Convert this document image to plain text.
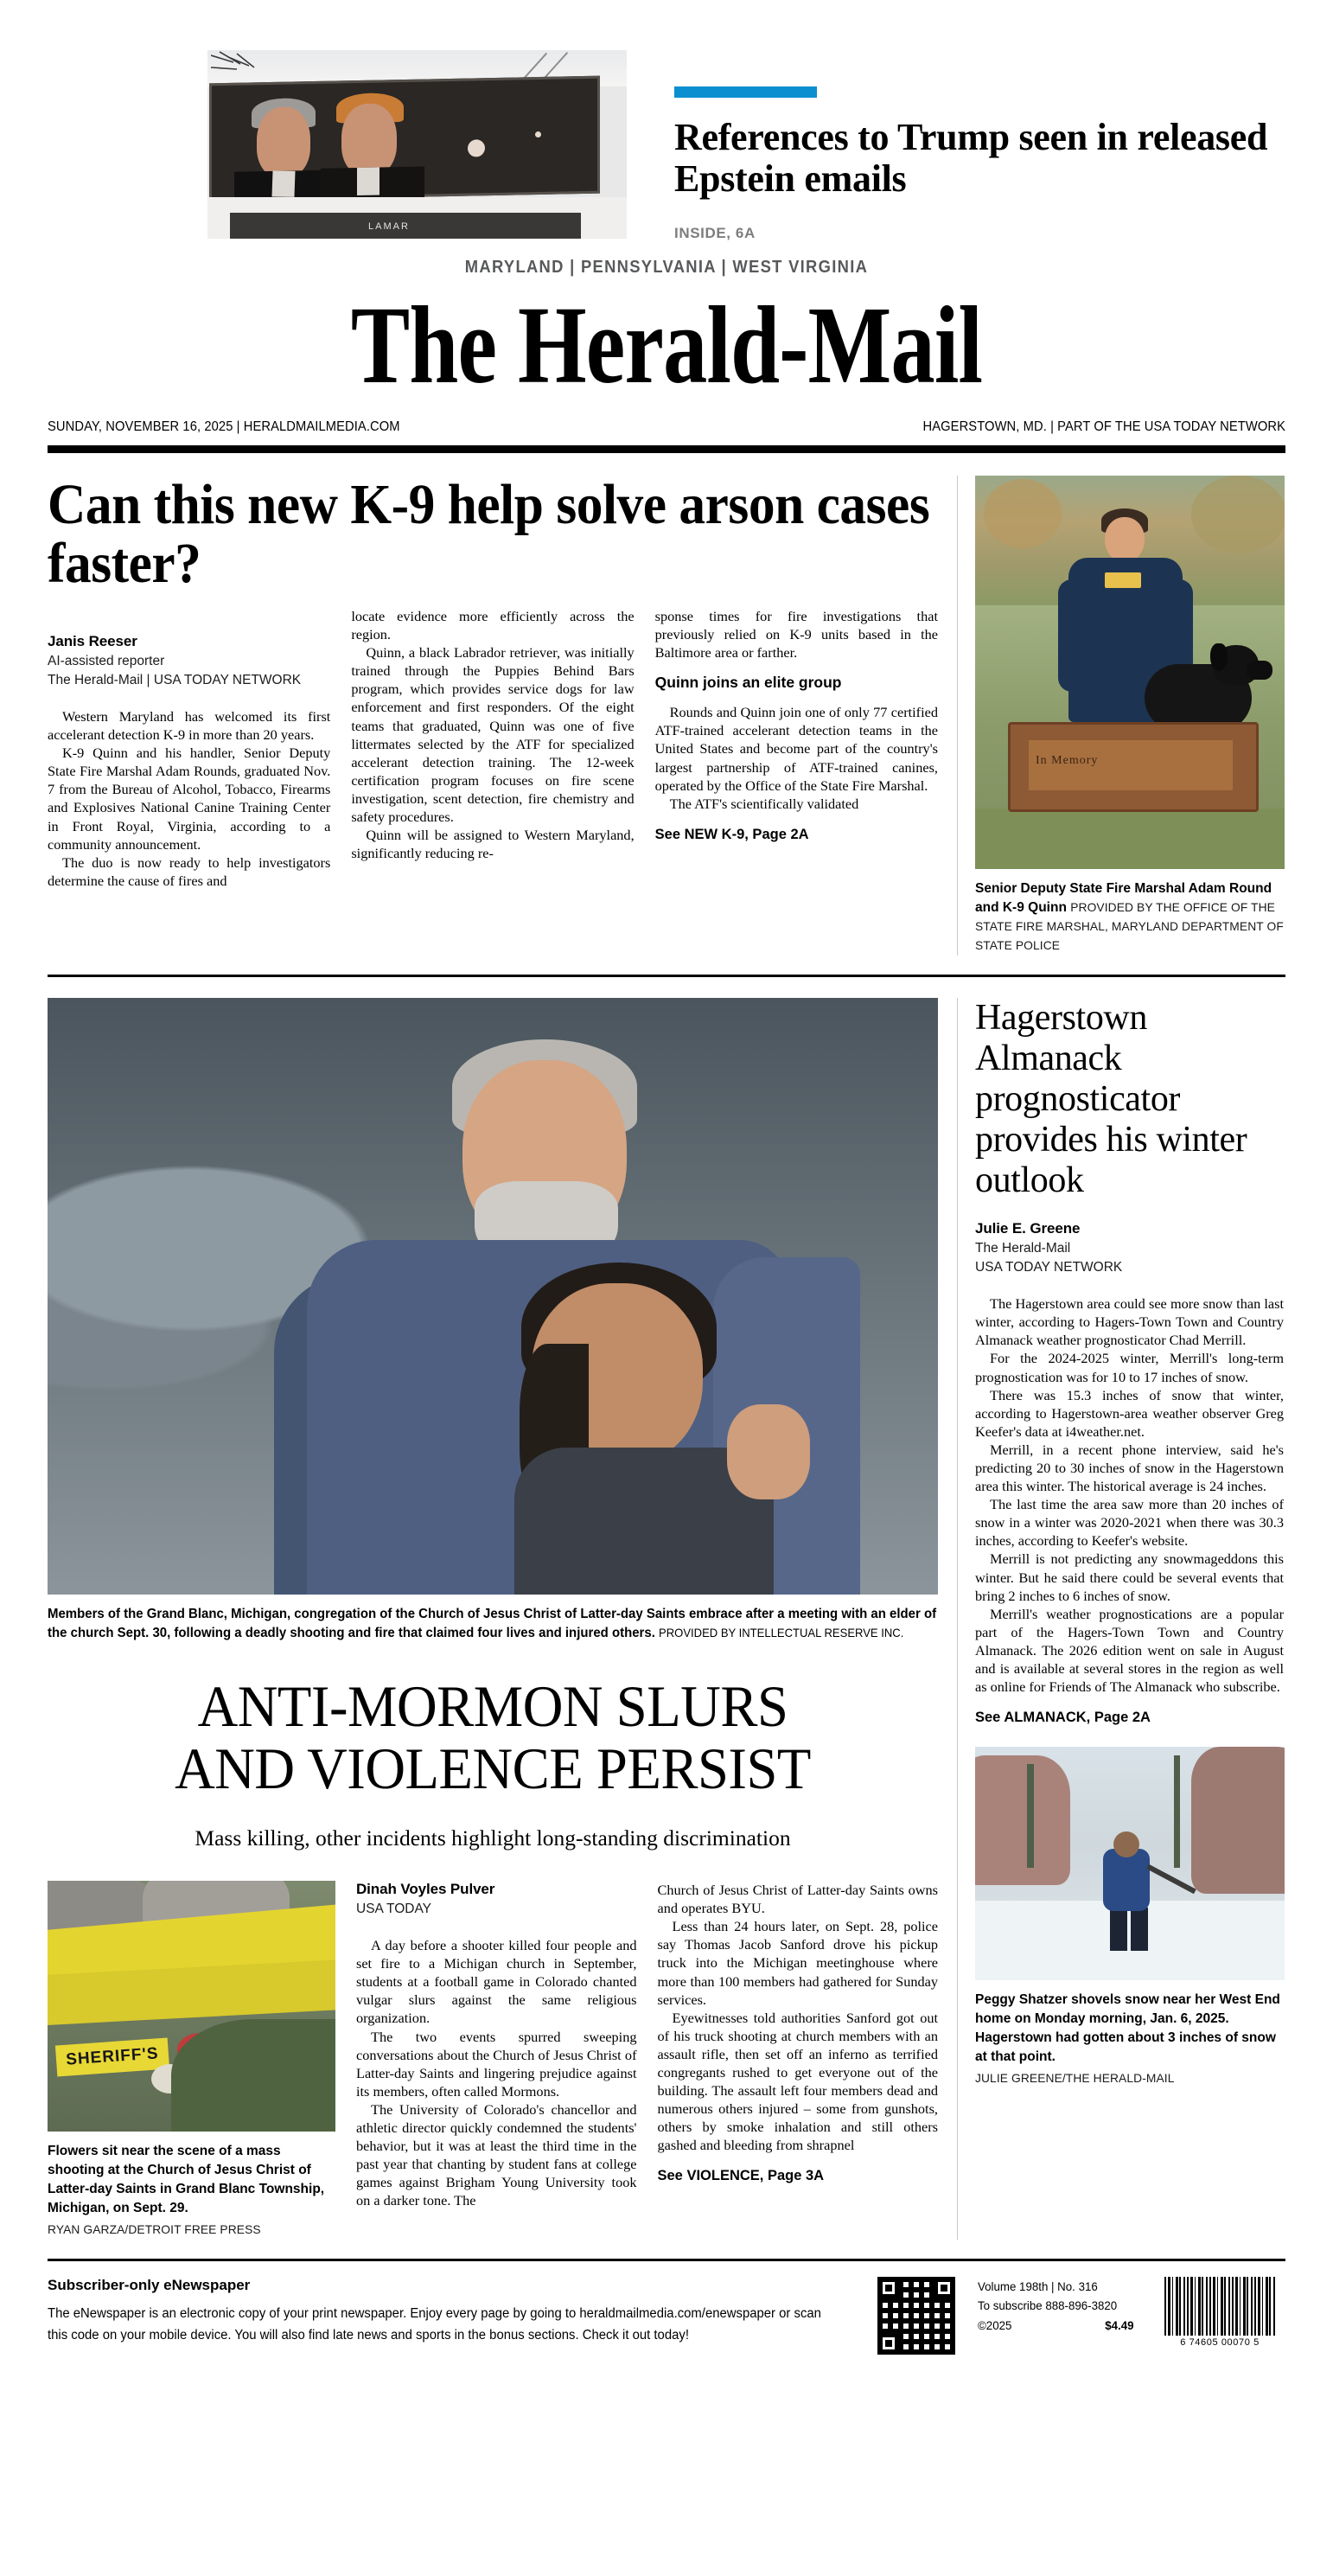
LAMAR
References to Trump seen in released Epstein emails
INSIDE, 6A
MARYLAND | PENNSYLVANIA | WEST VIRGINIA
The Herald-Mail
SUNDAY, NOVEMBER 16, 2025 | HERALDMAILMEDIA.COM	HAGERSTOWN, MD. | PART OF THE USA TODAY NETWORK
Can this new K-9 help solve arson cases faster?
Janis Reeser
AI-assisted reporter
The Herald-Mail | USA TODAY NETWORK

Western Maryland has welcomed its first accelerant detection K-9 in more than 20 years.

K-9 Quinn and his handler, Senior Deputy State Fire Marshal Adam Rounds, graduated Nov. 7 from the Bureau of Alcohol, Tobacco, Firearms and Explosives National Canine Training Center in Front Royal, Virginia, according to a community announcement.

The duo is now ready to help investigators determine the cause of fires and

locate evidence more efficiently across the region.

Quinn, a black Labrador retriever, was initially trained through the Puppies Behind Bars program, which provides service dogs for law enforcement and first responders. Of the eight teams that graduated, Quinn was one of five littermates selected by the ATF for specialized accelerant detection training. The 12-week certification program focuses on fire scene investigation, scent detection, fire chemistry and safety procedures.

Quinn will be assigned to Western Maryland, significantly reducing re-

sponse times for fire investigations that previously relied on K-9 units based in the Baltimore area or farther.

Quinn joins an elite group

Rounds and Quinn join one of only 77 certified ATF-trained accelerant detection teams in the United States and become part of the country's largest partnership of ATF-trained canines, operated by the Office of the State Fire Marshal.

The ATF's scientifically validated

See NEW K-9, Page 2A
In Memory
Senior Deputy State Fire Marshal Adam Round and K-9 Quinn PROVIDED BY THE OFFICE OF THE STATE FIRE MARSHAL, MARYLAND DEPARTMENT OF STATE POLICE
Members of the Grand Blanc, Michigan, congregation of the Church of Jesus Christ of Latter-day Saints embrace after a meeting with an elder of the church Sept. 30, following a deadly shooting and fire that claimed four lives and injured others. PROVIDED BY INTELLECTUAL RESERVE INC.
ANTI-MORMON SLURS
AND VIOLENCE PERSIST
Mass killing, other incidents highlight long-standing discrimination
SHERIFF'S
Flowers sit near the scene of a mass shooting at the Church of Jesus Christ of Latter-day Saints in Grand Blanc Township, Michigan, on Sept. 29.
RYAN GARZA/DETROIT FREE PRESS
Dinah Voyles Pulver
USA TODAY

A day before a shooter killed four people and set fire to a Michigan church in September, students at a football game in Colorado chanted vulgar slurs against the same religious organization.

The two events spurred sweeping conversations about the Church of Jesus Christ of Latter-day Saints and lingering prejudice against its members, often called Mormons.

The University of Colorado's chancellor and athletic director quickly condemned the students' behavior, but it was at least the third time in the past year that chanting by student fans at college games against Brigham Young University took on a darker tone. The

Church of Jesus Christ of Latter-day Saints owns and operates BYU.

Less than 24 hours later, on Sept. 28, police say Thomas Jacob Sanford drove his pickup truck into the Michigan meetinghouse where more than 100 members had gathered for Sunday services.

Eyewitnesses told authorities Sanford got out of his truck shooting at church members with an assault rifle, then set off an inferno as terrified congregants rushed to get everyone out of the building. The assault left four members dead and numerous others injured – some from gunshots, others by smoke inhalation and still others gashed and bleeding from shrapnel

See VIOLENCE, Page 3A
Hagerstown Almanack prognosticator provides his winter outlook
Julie E. Greene
The Herald-Mail
USA TODAY NETWORK

The Hagerstown area could see more snow than last winter, according to Hagers-Town Town and Country Almanack weather prognosticator Chad Merrill.

For the 2024-2025 winter, Merrill's long-term prognostication was for 10 to 17 inches of snow.

There was 15.3 inches of snow that winter, according to Hagerstown-area weather observer Greg Keefer's data at i4weather.net.

Merrill, in a recent phone interview, said he's predicting 20 to 30 inches of snow in the Hagerstown area this winter. The historical average is 24 inches.

The last time the area saw more than 20 inches of snow in a winter was 2020-2021 when there was 30.3 inches, according to Keefer's website.

Merrill is not predicting any snowmageddons this winter. But he said there could be several events that bring 2 inches to 6 inches of snow.

Merrill's weather prognostications are a popular part of the Hagers-Town Town and Country Almanack. The 2026 edition went on sale in August and is available at several stores in the region as well as online for Friends of The Almanack who subscribe.

See ALMANACK, Page 2A
Peggy Shatzer shovels snow near her West End home on Monday morning, Jan. 6, 2025. Hagerstown had gotten about 3 inches of snow at that point.
JULIE GREENE/THE HERALD-MAIL
Subscriber-only eNewspaper
The eNewspaper is an electronic copy of your print newspaper. Enjoy every page by going to heraldmailmedia.com/enewspaper or scan this code on your mobile device. You will also find late news and sports in the bonus sections. Check it out today!
Volume 198th | No. 316
To subscribe 888-896-3820
©2025	$4.49
6 74605 00070 5
